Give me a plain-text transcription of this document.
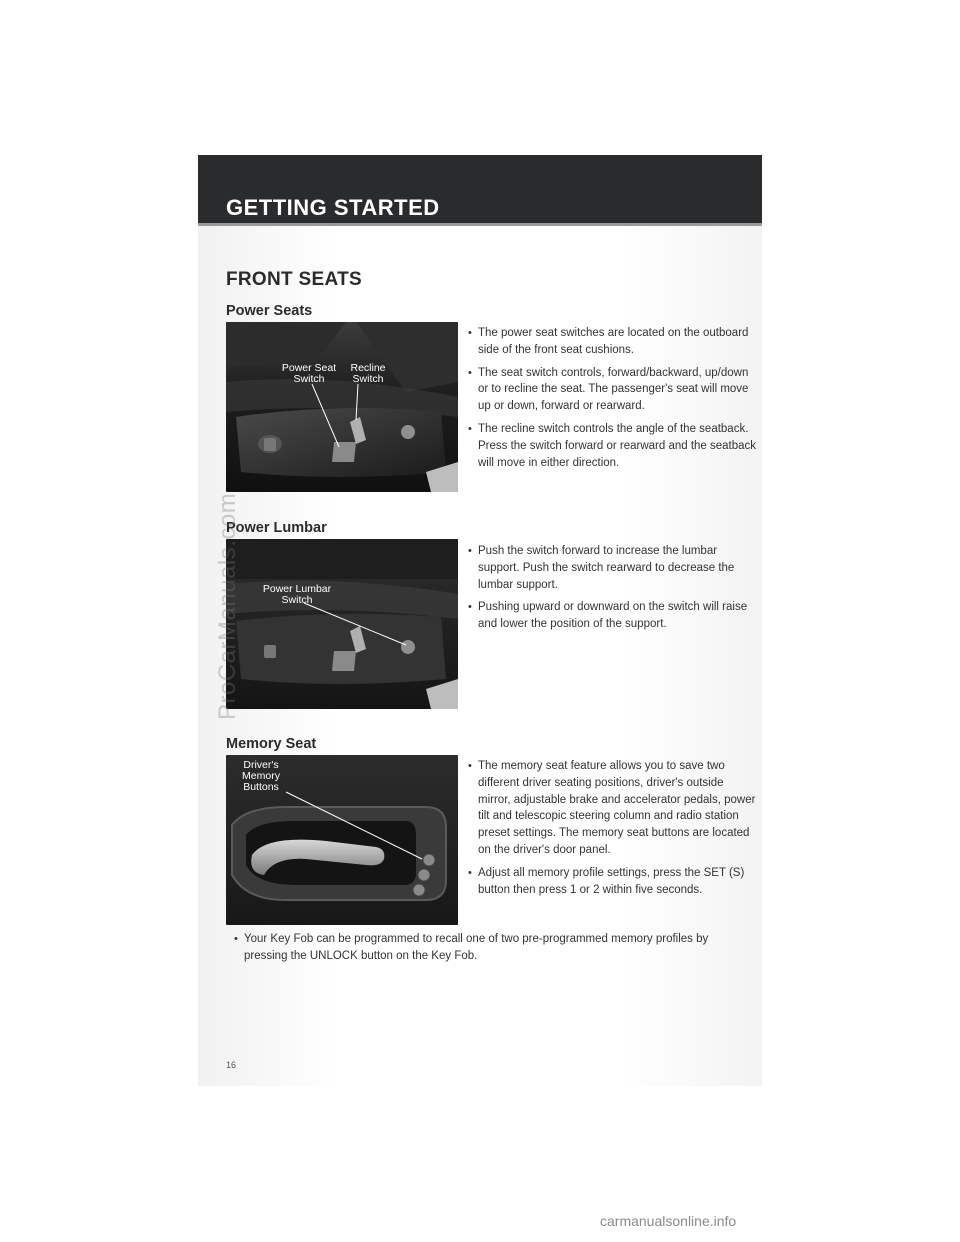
GETTING STARTED
FRONT SEATS
Power Seats
Power Seat
Switch
Recline
Switch
• The power seat switches are located on the outboard side of the front seat cushions.
• The seat switch controls, forward/backward, up/down or to recline the seat. The passenger's seat will move up or down, forward or rearward.
• The recline switch controls the angle of the seatback. Press the switch forward or rearward and the seatback will move in either direction.
Power Lumbar
Power Lumbar
Switch
• Push the switch forward to increase the lumbar support. Push the switch rearward to decrease the lumbar support.
• Pushing upward or downward on the switch will raise and lower the position of the support.
Memory Seat
Driver's
Memory
Buttons
• The memory seat feature allows you to save two different driver seating positions, driver's outside mirror, adjustable brake and accelerator pedals, power tilt and telescopic steering column and radio station preset settings. The memory seat buttons are located on the driver's door panel.
• Adjust all memory profile settings, press the SET (S) button then press 1 or 2 within five seconds.
• Your Key Fob can be programmed to recall one of two pre-programmed memory profiles by pressing the UNLOCK button on the Key Fob.
16
ProCarManuals.com
carmanualsonline.info
